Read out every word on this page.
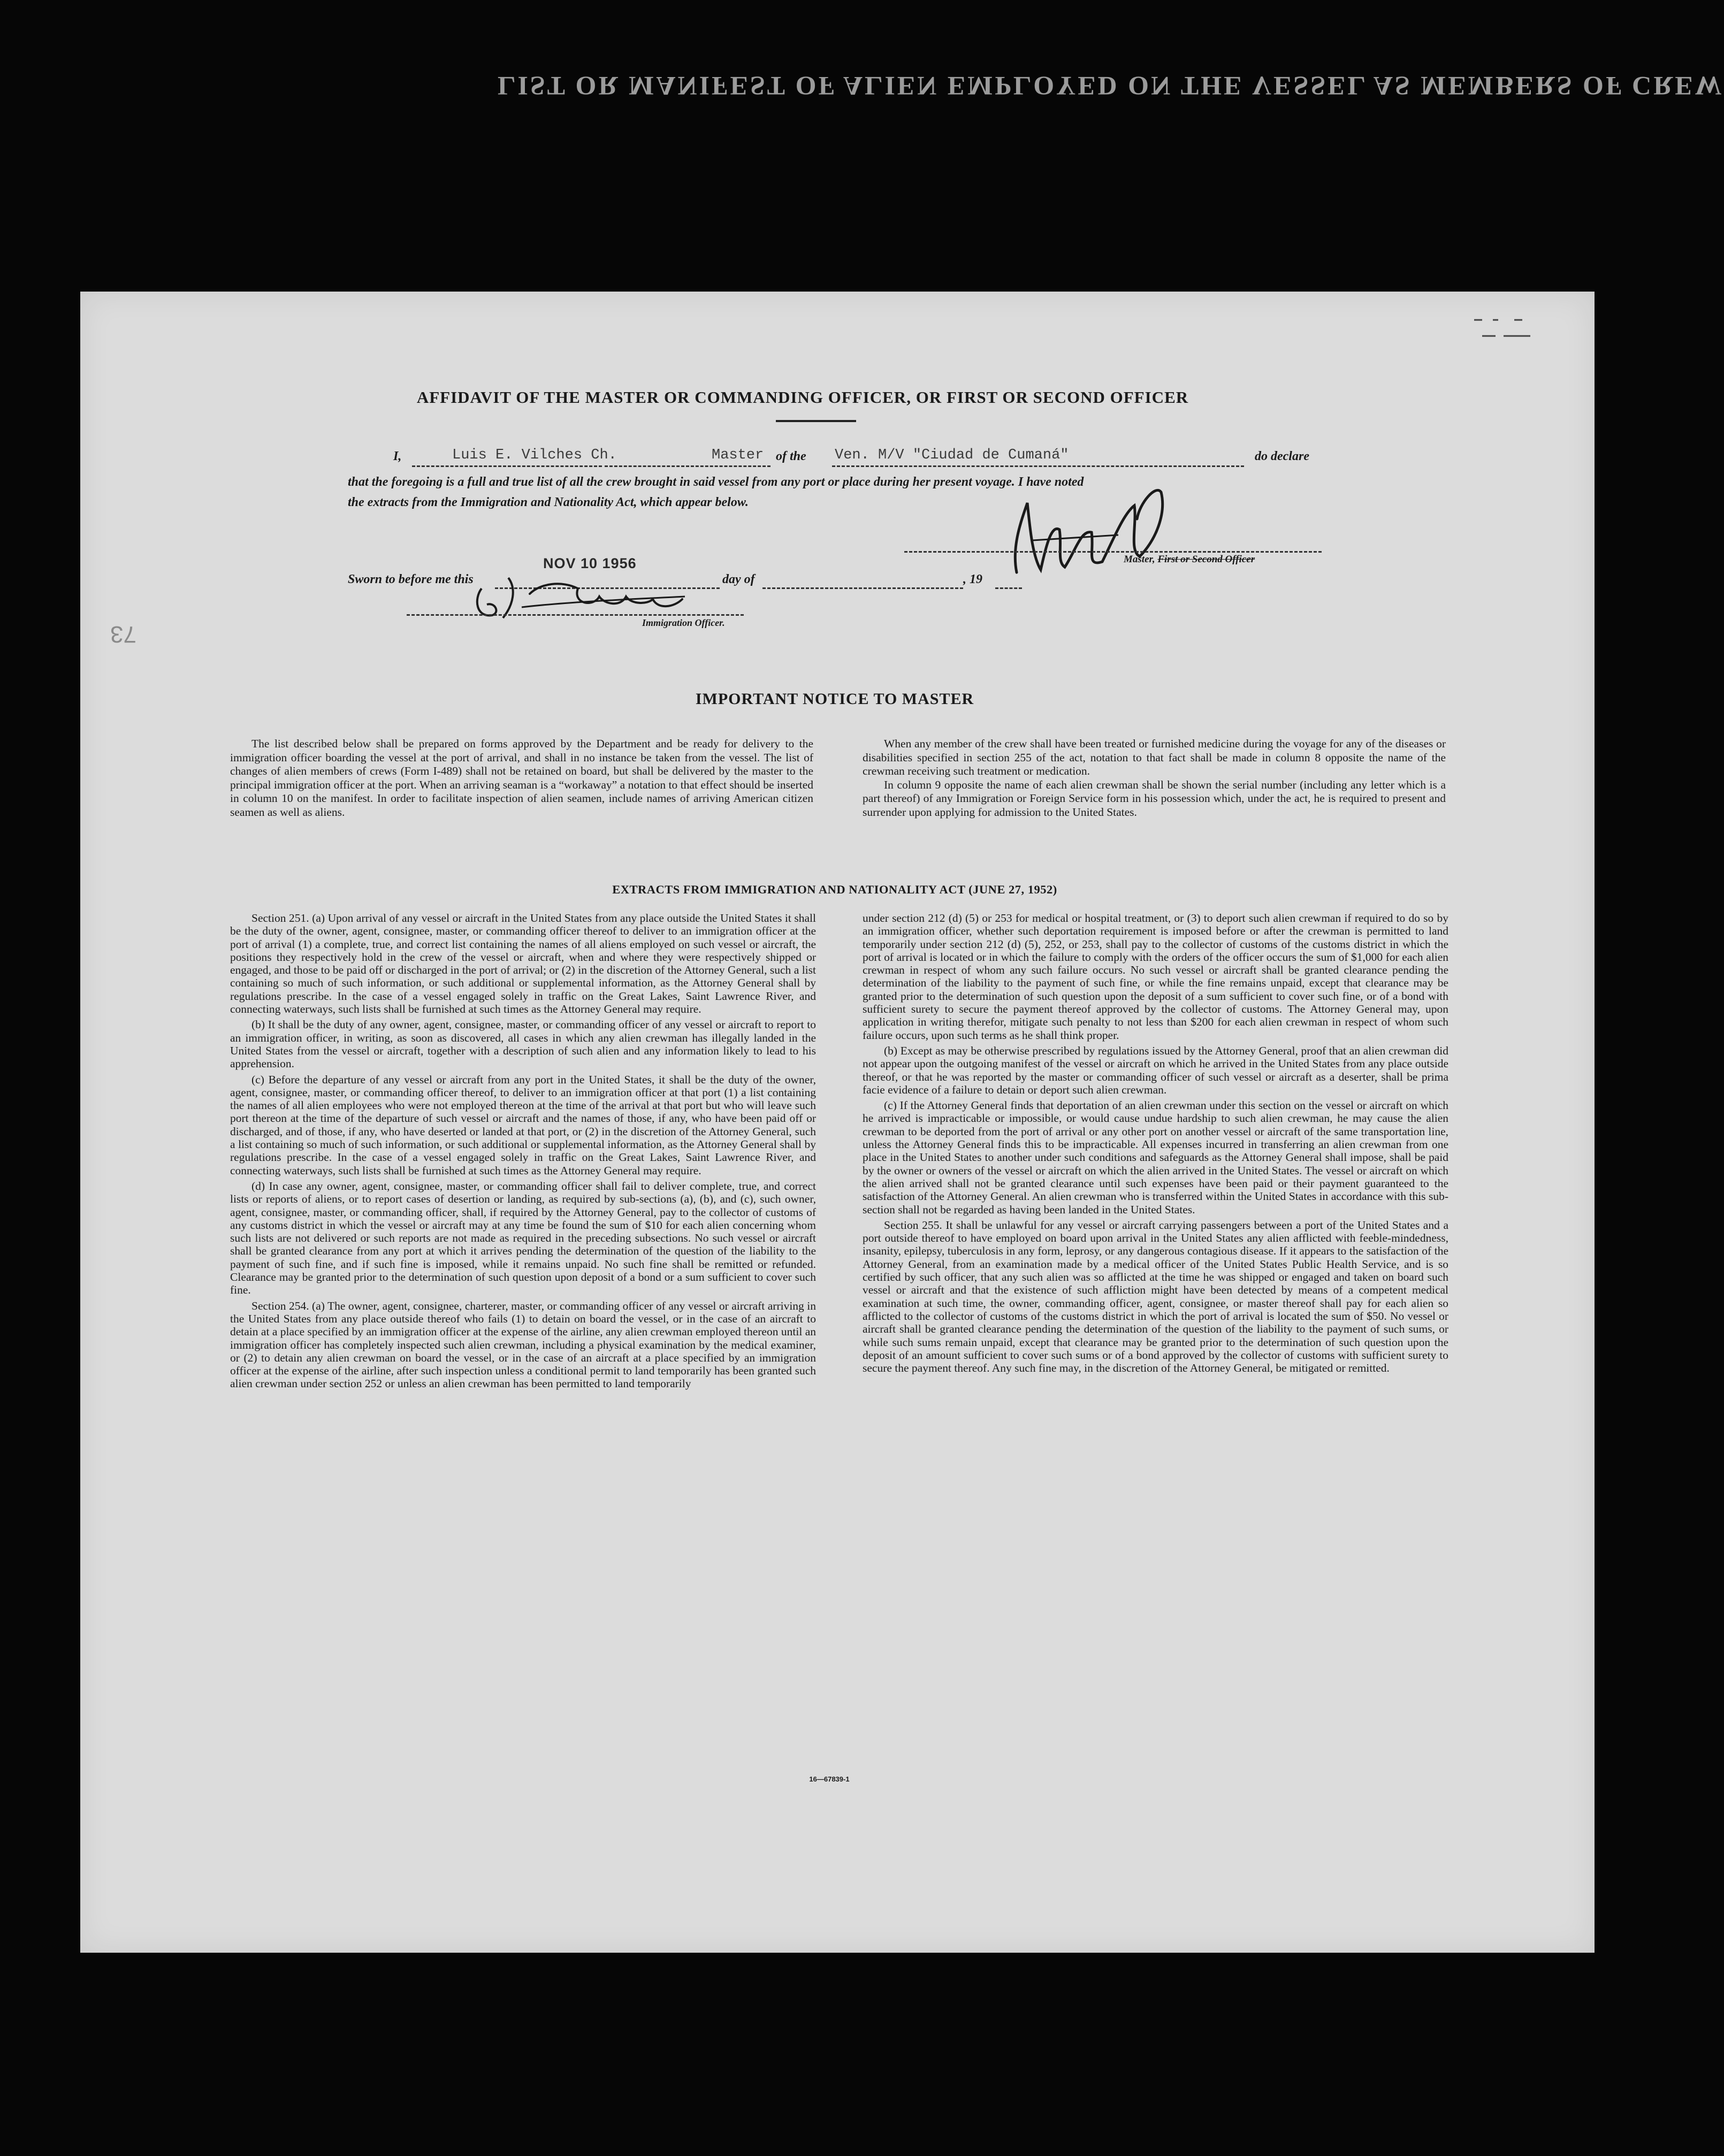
LIST OR MANIFEST OF ALIEN EMPLOYED ON THE VESSEL AS MEMBERS OF CREW
73
AFFIDAVIT OF THE MASTER OR COMMANDING OFFICER, OR FIRST OR SECOND OFFICER
I,	Luis E. Vilches Ch.	Master of the Ven. M/V "Ciudad de Cumaná"	do declare
that the foregoing is a full and true list of all the crew brought in said vessel from any port or place during her present voyage. I have noted
the extracts from the Immigration and Nationality Act, which appear below.
Master, First or Second Officer
Sworn to before me this
NOV 10 1956
day of	, 19
Immigration Officer.
IMPORTANT NOTICE TO MASTER

The list described below shall be prepared on forms approved by the Department and be ready for delivery to the immigration officer boarding the vessel at the port of arrival, and shall in no instance be taken from the vessel. The list of changes of alien members of crews (Form I-489) shall not be retained on board, but shall be delivered by the master to the principal immigration officer at the port. When an arriving seaman is a “workaway” a notation to that effect should be inserted in column 10 on the manifest. In order to facilitate inspection of alien seamen, include names of arriving American citizen seamen as well as aliens.

When any member of the crew shall have been treated or furnished medicine during the voyage for any of the diseases or disabilities specified in section 255 of the act, notation to that fact shall be made in column 8 opposite the name of the crewman receiving such treatment or medication.

In column 9 opposite the name of each alien crewman shall be shown the serial number (including any letter which is a part thereof) of any Immigration or Foreign Service form in his possession which, under the act, he is required to present and surrender upon applying for admission to the United States.

EXTRACTS FROM IMMIGRATION AND NATIONALITY ACT (JUNE 27, 1952)

Section 251. (a) Upon arrival of any vessel or aircraft in the United States from any place outside the United States it shall be the duty of the owner, agent, consignee, master, or commanding officer thereof to deliver to an immigration officer at the port of arrival (1) a complete, true, and correct list containing the names of all aliens employed on such vessel or aircraft, the positions they respectively hold in the crew of the vessel or aircraft, when and where they were respectively shipped or engaged, and those to be paid off or discharged in the port of arrival; or (2) in the discretion of the Attorney General, such a list containing so much of such information, or such additional or supplemental information, as the Attorney General shall by regulations prescribe. In the case of a vessel engaged solely in traffic on the Great Lakes, Saint Lawrence River, and connecting waterways, such lists shall be furnished at such times as the Attorney General may require.

(b) It shall be the duty of any owner, agent, consignee, master, or commanding officer of any vessel or aircraft to report to an immigration officer, in writing, as soon as discovered, all cases in which any alien crewman has illegally landed in the United States from the vessel or aircraft, together with a description of such alien and any information likely to lead to his apprehension.

(c) Before the departure of any vessel or aircraft from any port in the United States, it shall be the duty of the owner, agent, consignee, master, or commanding officer thereof, to deliver to an immigration officer at that port (1) a list containing the names of all alien employees who were not employed thereon at the time of the arrival at that port but who will leave such port thereon at the time of the departure of such vessel or aircraft and the names of those, if any, who have been paid off or discharged, and of those, if any, who have deserted or landed at that port, or (2) in the discretion of the Attorney General, such a list containing so much of such information, or such additional or supplemental information, as the Attorney General shall by regulations prescribe. In the case of a vessel engaged solely in traffic on the Great Lakes, Saint Lawrence River, and connecting waterways, such lists shall be furnished at such times as the Attorney General may require.

(d) In case any owner, agent, consignee, master, or commanding officer shall fail to deliver complete, true, and correct lists or reports of aliens, or to report cases of desertion or landing, as required by sub-sections (a), (b), and (c), such owner, agent, consignee, master, or commanding officer, shall, if required by the Attorney General, pay to the collector of customs of any customs district in which the vessel or aircraft may at any time be found the sum of $10 for each alien concerning whom such lists are not delivered or such reports are not made as required in the preceding subsections. No such vessel or aircraft shall be granted clearance from any port at which it arrives pending the determination of the question of the liability to the payment of such fine, and if such fine is imposed, while it remains unpaid. No such fine shall be remitted or refunded. Clearance may be granted prior to the determination of such question upon deposit of a bond or a sum sufficient to cover such fine.

Section 254. (a) The owner, agent, consignee, charterer, master, or commanding officer of any vessel or aircraft arriving in the United States from any place outside thereof who fails (1) to detain on board the vessel, or in the case of an aircraft to detain at a place specified by an immigration officer at the expense of the airline, any alien crewman employed thereon until an immigration officer has completely inspected such alien crewman, including a physical examination by the medical examiner, or (2) to detain any alien crewman on board the vessel, or in the case of an aircraft at a place specified by an immigration officer at the expense of the airline, after such inspection unless a conditional permit to land temporarily has been granted such alien crewman under section 252 or unless an alien crewman has been permitted to land temporarily

under section 212 (d) (5) or 253 for medical or hospital treatment, or (3) to deport such alien crewman if required to do so by an immigration officer, whether such deportation requirement is imposed before or after the crewman is permitted to land temporarily under section 212 (d) (5), 252, or 253, shall pay to the collector of customs of the customs district in which the port of arrival is located or in which the failure to comply with the orders of the officer occurs the sum of $1,000 for each alien crewman in respect of whom any such failure occurs. No such vessel or aircraft shall be granted clearance pending the determination of the liability to the payment of such fine, or while the fine remains unpaid, except that clearance may be granted prior to the determination of such question upon the deposit of a sum sufficient to cover such fine, or of a bond with sufficient surety to secure the payment thereof approved by the collector of customs. The Attorney General may, upon application in writing therefor, mitigate such penalty to not less than $200 for each alien crewman in respect of whom such failure occurs, upon such terms as he shall think proper.

(b) Except as may be otherwise prescribed by regulations issued by the Attorney General, proof that an alien crewman did not appear upon the outgoing manifest of the vessel or aircraft on which he arrived in the United States from any place outside thereof, or that he was reported by the master or commanding officer of such vessel or aircraft as a deserter, shall be prima facie evidence of a failure to detain or deport such alien crewman.

(c) If the Attorney General finds that deportation of an alien crewman under this section on the vessel or aircraft on which he arrived is impracticable or impossible, or would cause undue hardship to such alien crewman, he may cause the alien crewman to be deported from the port of arrival or any other port on another vessel or aircraft of the same transportation line, unless the Attorney General finds this to be impracticable. All expenses incurred in transferring an alien crewman from one place in the United States to another under such conditions and safeguards as the Attorney General shall impose, shall be paid by the owner or owners of the vessel or aircraft on which the alien arrived in the United States. The vessel or aircraft on which the alien arrived shall not be granted clearance until such expenses have been paid or their payment guaranteed to the satisfaction of the Attorney General. An alien crewman who is transferred within the United States in accordance with this sub-section shall not be regarded as having been landed in the United States.

Section 255. It shall be unlawful for any vessel or aircraft carrying passengers between a port of the United States and a port outside thereof to have employed on board upon arrival in the United States any alien afflicted with feeble-mindedness, insanity, epilepsy, tuberculosis in any form, leprosy, or any dangerous contagious disease. If it appears to the satisfaction of the Attorney General, from an examination made by a medical officer of the United States Public Health Service, and is so certified by such officer, that any such alien was so afflicted at the time he was shipped or engaged and taken on board such vessel or aircraft and that the existence of such affliction might have been detected by means of a competent medical examination at such time, the owner, commanding officer, agent, consignee, or master thereof shall pay for each alien so afflicted to the collector of customs of the customs district in which the port of arrival is located the sum of $50. No vessel or aircraft shall be granted clearance pending the determination of the question of the liability to the payment of such sums, or while such sums remain unpaid, except that clearance may be granted prior to the determination of such question upon the deposit of an amount sufficient to cover such sums or of a bond approved by the collector of customs with sufficient surety to secure the payment thereof. Any such fine may, in the discretion of the Attorney General, be mitigated or remitted.

16—67839-1
